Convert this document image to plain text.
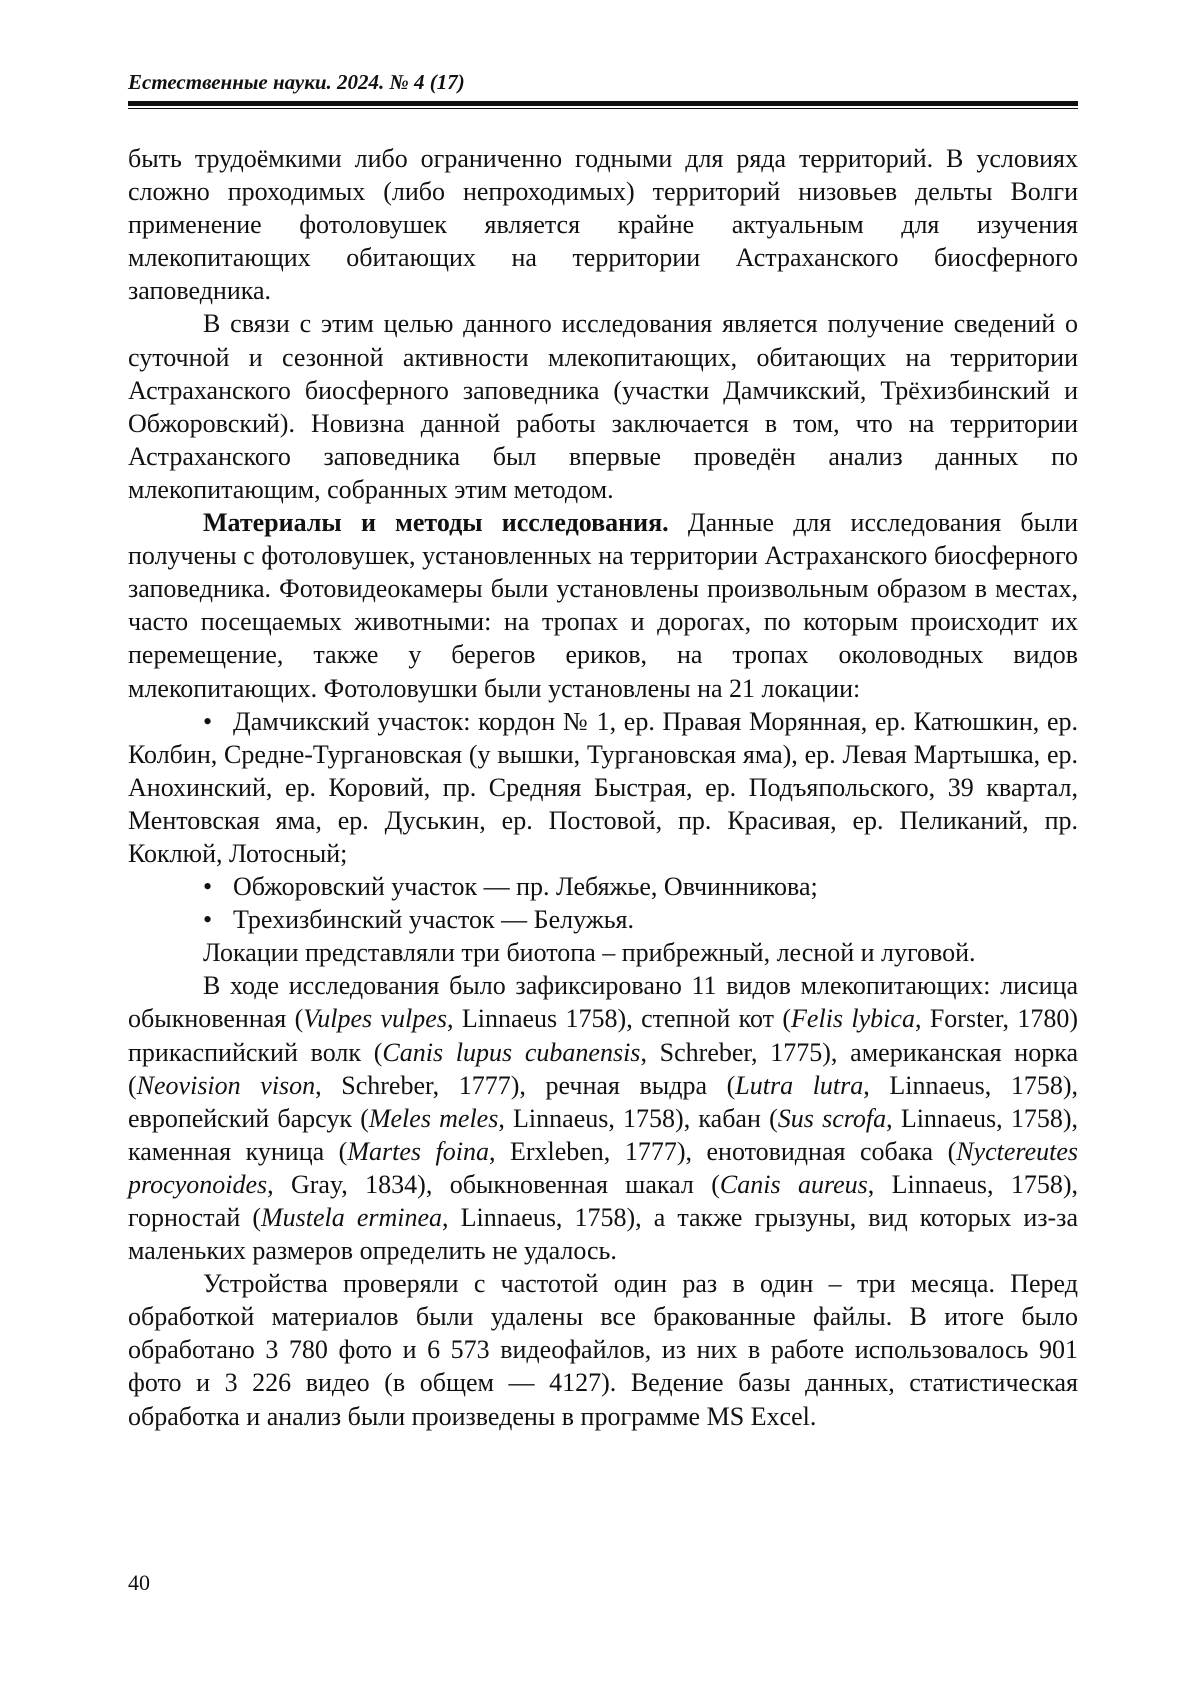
Естественные науки. 2024. № 4 (17)

быть трудоёмкими либо ограниченно годными для ряда территорий. В условиях сложно проходимых (либо непроходимых) территорий низовьев дельты Волги применение фотоловушек является крайне актуальным для изучения млекопитающих обитающих на территории Астраханского биосферного заповедника.

В связи с этим целью данного исследования является получение сведений о суточной и сезонной активности млекопитающих, обитающих на территории Астраханского биосферного заповедника (участки Дамчикский, Трёхизбинский и Обжоровский). Новизна данной работы заключается в том, что на территории Астраханского заповедника был впервые проведён анализ данных по млекопитающим, собранных этим методом.

Материалы и методы исследования. Данные для исследования были получены с фотоловушек, установленных на территории Астраханского биосферного заповедника. Фотовидеокамеры были установлены произвольным образом в местах, часто посещаемых животными: на тропах и дорогах, по которым происходит их перемещение, также у берегов ериков, на тропах околоводных видов млекопитающих. Фотоловушки были установлены на 21 локации:

• Дамчикский участок: кордон № 1, ер. Правая Морянная, ер. Катюшкин, ер. Колбин, Средне-Тургановская (у вышки, Тургановская яма), ер. Левая Мартышка, ер. Анохинский, ер. Коровий, пр. Средняя Быстрая, ер. Подъяпольского, 39 квартал, Ментовская яма, ер. Дуськин, ер. Постовой, пр. Красивая, ер. Пеликаний, пр. Коклюй, Лотосный;
• Обжоровский участок — пр. Лебяжье, Овчинникова;
• Трехизбинский участок — Белужья.

Локации представляли три биотопа – прибрежный, лесной и луговой.

В ходе исследования было зафиксировано 11 видов млекопитающих: лисица обыкновенная (Vulpes vulpes, Linnaeus 1758), степной кот (Felis lybica, Forster, 1780) прикаспийский волк (Canis lupus cubanensis, Schreber, 1775), американская норка (Neovision vison, Schreber, 1777), речная выдра (Lutra lutra, Linnaeus, 1758), европейский барсук (Meles meles, Linnaeus, 1758), кабан (Sus scrofa, Linnaeus, 1758), каменная куница (Martes foina, Erxleben, 1777), енотовидная собака (Nyctereutes procyonoides, Gray, 1834), обыкновенная шакал (Canis aureus, Linnaeus, 1758), горностай (Mustela erminea, Linnaeus, 1758), а также грызуны, вид которых из-за маленьких размеров определить не удалось.

Устройства проверяли с частотой один раз в один – три месяца. Перед обработкой материалов были удалены все бракованные файлы. В итоге было обработано 3 780 фото и 6 573 видеофайлов, из них в работе использовалось 901 фото и 3 226 видео (в общем — 4127). Ведение базы данных, статистическая обработка и анализ были произведены в программе MS Excel.

40
